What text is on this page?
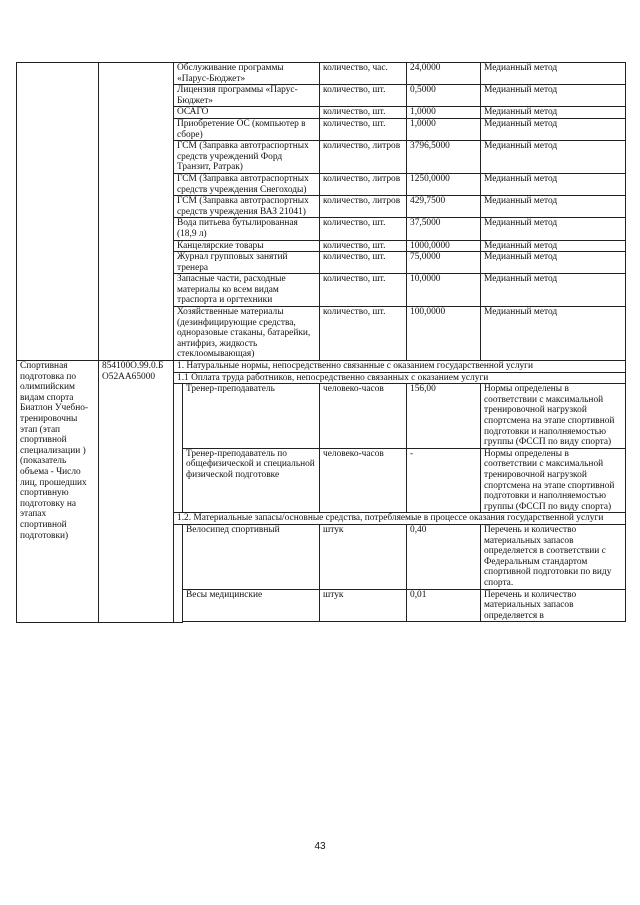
		Обслуживание программы «Парус-Бюджет»		количество, час.	24,0000	Медианный метод
		Лицензия программы «Парус-Бюджет»		количество, шт.	0,5000	Медианный метод
		ОСАГО		количество, шт.	1,0000	Медианный метод
		Приобретение ОС (компьютер в сборе)		количество, шт.	1,0000	Медианный метод
		ГСМ (Заправка автотраспортных средств учреждений Форд Транзит, Ратрак)		количество, литров	3796,5000	Медианный метод
		ГСМ (Заправка автотраспортных средств учреждения Снегоходы)		количество, литров	1250,0000	Медианный метод
		ГСМ (Заправка автотраспортных средств учреждения ВАЗ 21041)		количество, литров	429,7500	Медианный метод
		Вода питьева бутылированная (18,9 л)		количество, шт.	37,5000	Медианный метод
		Канцелярские товары		количество, шт.	1000,0000	Медианный метод
		Журнал групповых занятий тренера		количество, шт.	75,0000	Медианный метод
		Запасные части, расходные материалы ко всем видам траспорта и оргтехники		количество, шт.	10,0000	Медианный метод
		Хозяйственные материалы (дезинфицирующие средства, одноразовые стаканы, батарейки, антифриз, жидкость стеклоомывающая)		количество, шт.	100,0000	Медианный метод
Спортивная подготовка по олимпийским видам спорта Биатлон Учебно-тренировочны этап (этап спортивной специализации ) (показатель объема - Число лиц, прошедших спортивную подготовку на этапах спортивной подготовки)	854100О.99.0.БО52АА65000	1. Натуральные нормы, непосредственно связанные с оказанием государственной услуги				
		1.1 Оплата труда работников, непосредственно связанных с оказанием услуги				
			Тренер-преподаватель	человеко-часов	156,00	Нормы определены в соответствии с максимальной тренировочной нагрузкой спортсмена на этапе спортивной подготовки и наполняемостью группы (ФССП по виду спорта)
			Тренер-преподаватель по общефизической и специальной физической подготовке	человеко-часов	-	Нормы определены в соответствии с максимальной тренировочной нагрузкой спортсмена на этапе спортивной подготовки и наполняемостью группы (ФССП по виду спорта)
		1.2. Материальные запасы/основные средства, потребляемые в процессе оказания государственной услуги				
			Велосипед спортивный	штук	0,40	Перечень и количество материальных запасов определяется в соответствии с Федеральным стандартом спортивной подготовки по виду спорта.
			Весы медицинские	штук	0,01	Перечень и количество материальных запасов определяется в

43
